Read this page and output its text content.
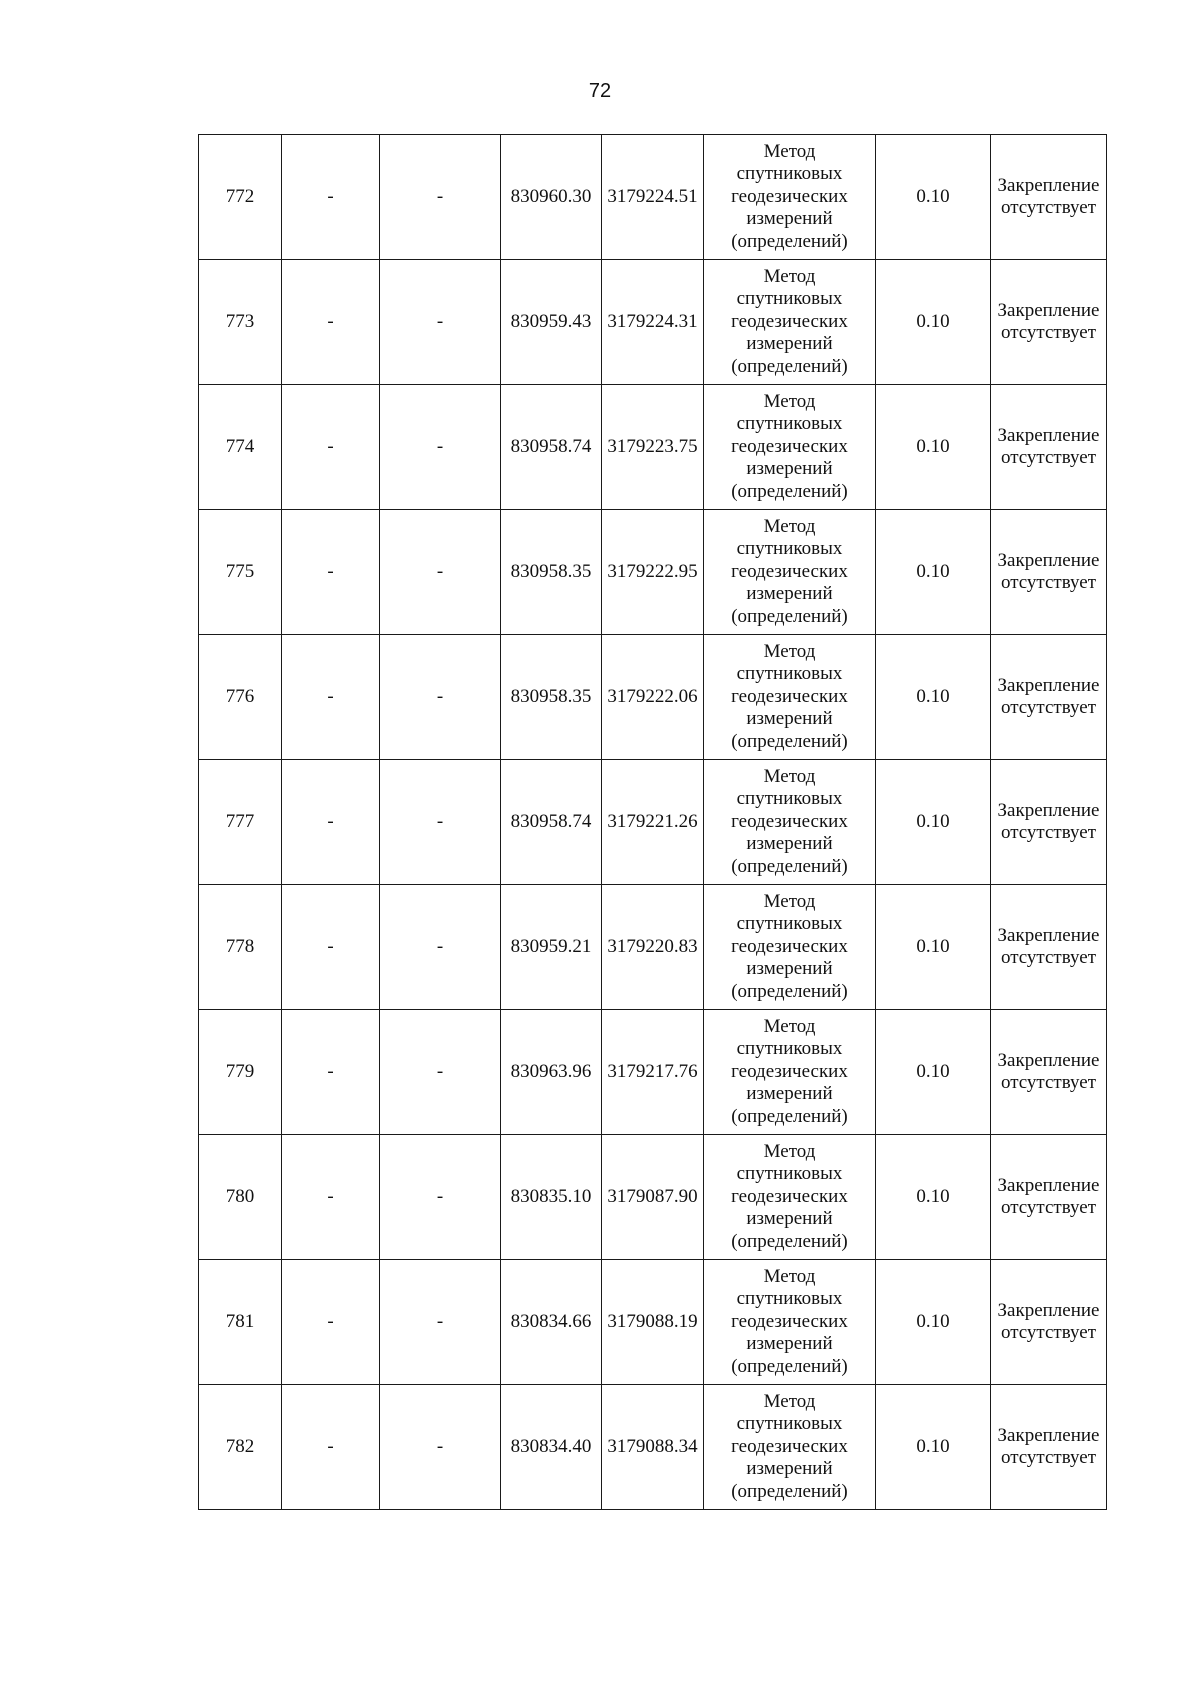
72
772	-	-	830960.30	3179224.51	Метод
спутниковых
геодезических
измерений
(определений)	0.10	Закрепление
отсутствует

773	-	-	830959.43	3179224.31	Метод
спутниковых
геодезических
измерений
(определений)	0.10	Закрепление
отсутствует

774	-	-	830958.74	3179223.75	Метод
спутниковых
геодезических
измерений
(определений)	0.10	Закрепление
отсутствует

775	-	-	830958.35	3179222.95	Метод
спутниковых
геодезических
измерений
(определений)	0.10	Закрепление
отсутствует

776	-	-	830958.35	3179222.06	Метод
спутниковых
геодезических
измерений
(определений)	0.10	Закрепление
отсутствует

777	-	-	830958.74	3179221.26	Метод
спутниковых
геодезических
измерений
(определений)	0.10	Закрепление
отсутствует

778	-	-	830959.21	3179220.83	Метод
спутниковых
геодезических
измерений
(определений)	0.10	Закрепление
отсутствует

779	-	-	830963.96	3179217.76	Метод
спутниковых
геодезических
измерений
(определений)	0.10	Закрепление
отсутствует

780	-	-	830835.10	3179087.90	Метод
спутниковых
геодезических
измерений
(определений)	0.10	Закрепление
отсутствует

781	-	-	830834.66	3179088.19	Метод
спутниковых
геодезических
измерений
(определений)	0.10	Закрепление
отсутствует

782	-	-	830834.40	3179088.34	Метод
спутниковых
геодезических
измерений
(определений)	0.10	Закрепление
отсутствует
